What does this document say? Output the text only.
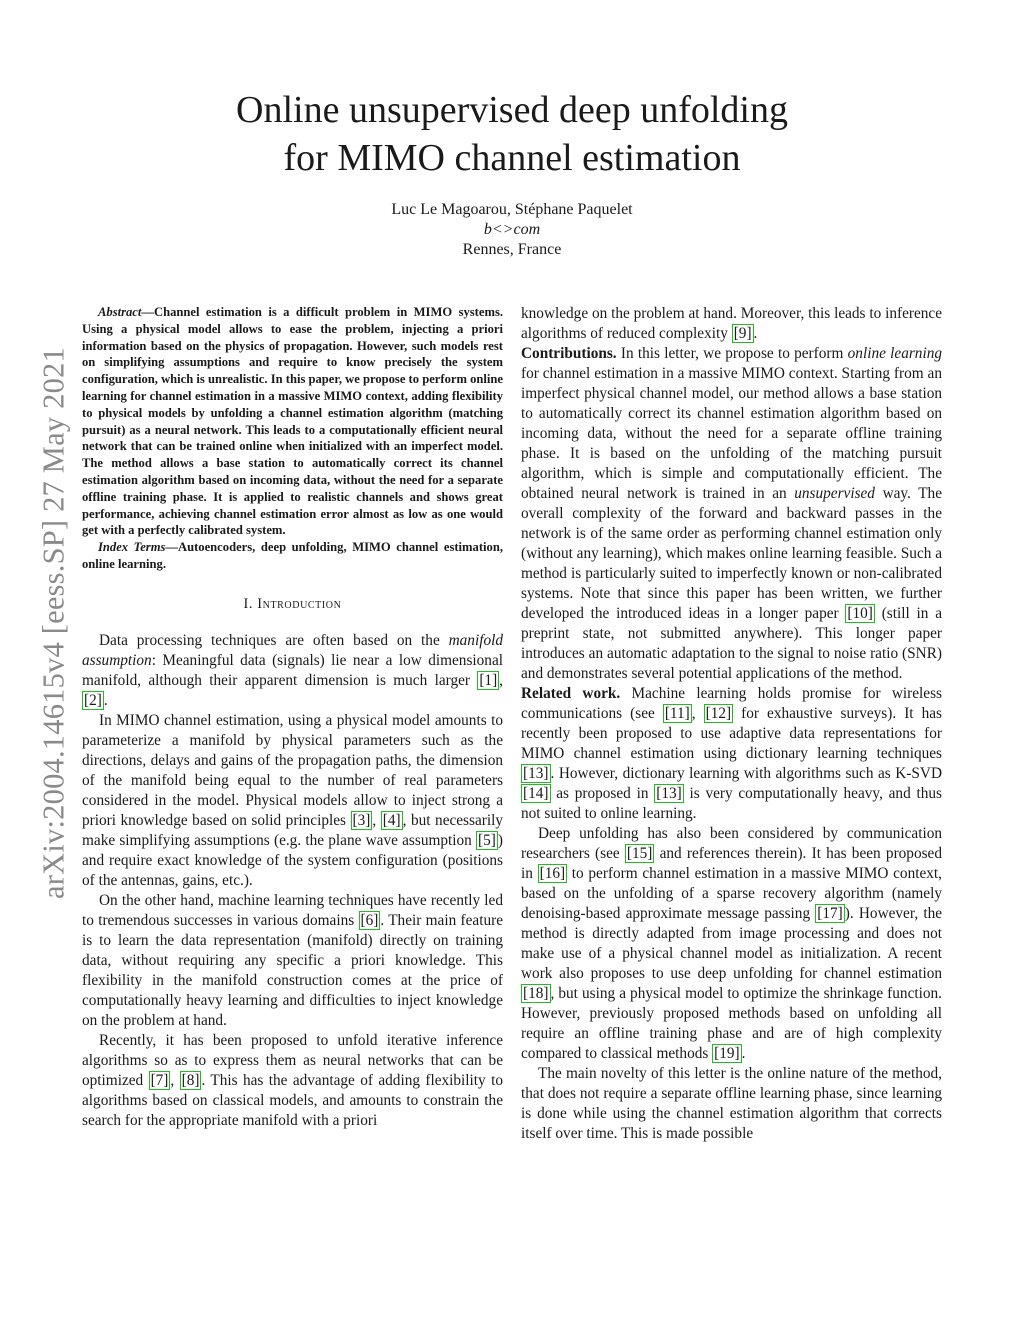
arXiv:2004.14615v4 [eess.SP] 27 May 2021
Online unsupervised deep unfolding
for MIMO channel estimation
Luc Le Magoarou, Stéphane Paquelet
b<>com
Rennes, France

Abstract—Channel estimation is a difficult problem in MIMO systems. Using a physical model allows to ease the problem, injecting a priori information based on the physics of propagation. However, such models rest on simplifying assumptions and require to know precisely the system configuration, which is unrealistic. In this paper, we propose to perform online learning for channel estimation in a massive MIMO context, adding flexibility to physical models by unfolding a channel estimation algorithm (matching pursuit) as a neural network. This leads to a computationally efficient neural network that can be trained online when initialized with an imperfect model. The method allows a base station to automatically correct its channel estimation algorithm based on incoming data, without the need for a separate offline training phase. It is applied to realistic channels and shows great performance, achieving channel estimation error almost as low as one would get with a perfectly calibrated system.

Index Terms—Autoencoders, deep unfolding, MIMO channel estimation, online learning.

I. Introduction

Data processing techniques are often based on the manifold assumption: Meaningful data (signals) lie near a low dimensional manifold, although their apparent dimension is much larger [1] , [2] .

In MIMO channel estimation, using a physical model amounts to parameterize a manifold by physical parameters such as the directions, delays and gains of the propagation paths, the dimension of the manifold being equal to the number of real parameters considered in the model. Physical models allow to inject strong a priori knowledge based on solid principles [3] , [4] , but necessarily make simplifying assumptions (e.g. the plane wave assumption [5] ) and require exact knowledge of the system configuration (positions of the antennas, gains, etc.).

On the other hand, machine learning techniques have recently led to tremendous successes in various domains [6] . Their main feature is to learn the data representation (manifold) directly on training data, without requiring any specific a priori knowledge. This flexibility in the manifold construction comes at the price of computationally heavy learning and difficulties to inject knowledge on the problem at hand.

Recently, it has been proposed to unfold iterative inference algorithms so as to express them as neural networks that can be optimized [7] , [8] . This has the advantage of adding flexibility to algorithms based on classical models, and amounts to constrain the search for the appropriate manifold with a priori

knowledge on the problem at hand. Moreover, this leads to inference algorithms of reduced complexity [9] .

Contributions. In this letter, we propose to perform online learning for channel estimation in a massive MIMO context. Starting from an imperfect physical channel model, our method allows a base station to automatically correct its channel estimation algorithm based on incoming data, without the need for a separate offline training phase. It is based on the unfolding of the matching pursuit algorithm, which is simple and computationally efficient. The obtained neural network is trained in an unsupervised way. The overall complexity of the forward and backward passes in the network is of the same order as performing channel estimation only (without any learning), which makes online learning feasible. Such a method is particularly suited to imperfectly known or non-calibrated systems. Note that since this paper has been written, we further developed the introduced ideas in a longer paper [10] (still in a preprint state, not submitted anywhere). This longer paper introduces an automatic adaptation to the signal to noise ratio (SNR) and demonstrates several potential applications of the method.

Related work. Machine learning holds promise for wireless communications (see [11] , [12] for exhaustive surveys). It has recently been proposed to use adaptive data representations for MIMO channel estimation using dictionary learning techniques [13] . However, dictionary learning with algorithms such as K-SVD [14] as proposed in [13] is very computationally heavy, and thus not suited to online learning.

Deep unfolding has also been considered by communication researchers (see [15] and references therein). It has been proposed in [16] to perform channel estimation in a massive MIMO context, based on the unfolding of a sparse recovery algorithm (namely denoising-based approximate message passing [17] ). However, the method is directly adapted from image processing and does not make use of a physical channel model as initialization. A recent work also proposes to use deep unfolding for channel estimation [18] , but using a physical model to optimize the shrinkage function. However, previously proposed methods based on unfolding all require an offline training phase and are of high complexity compared to classical methods [19] .

The main novelty of this letter is the online nature of the method, that does not require a separate offline learning phase, since learning is done while using the channel estimation algorithm that corrects itself over time. This is made possible
